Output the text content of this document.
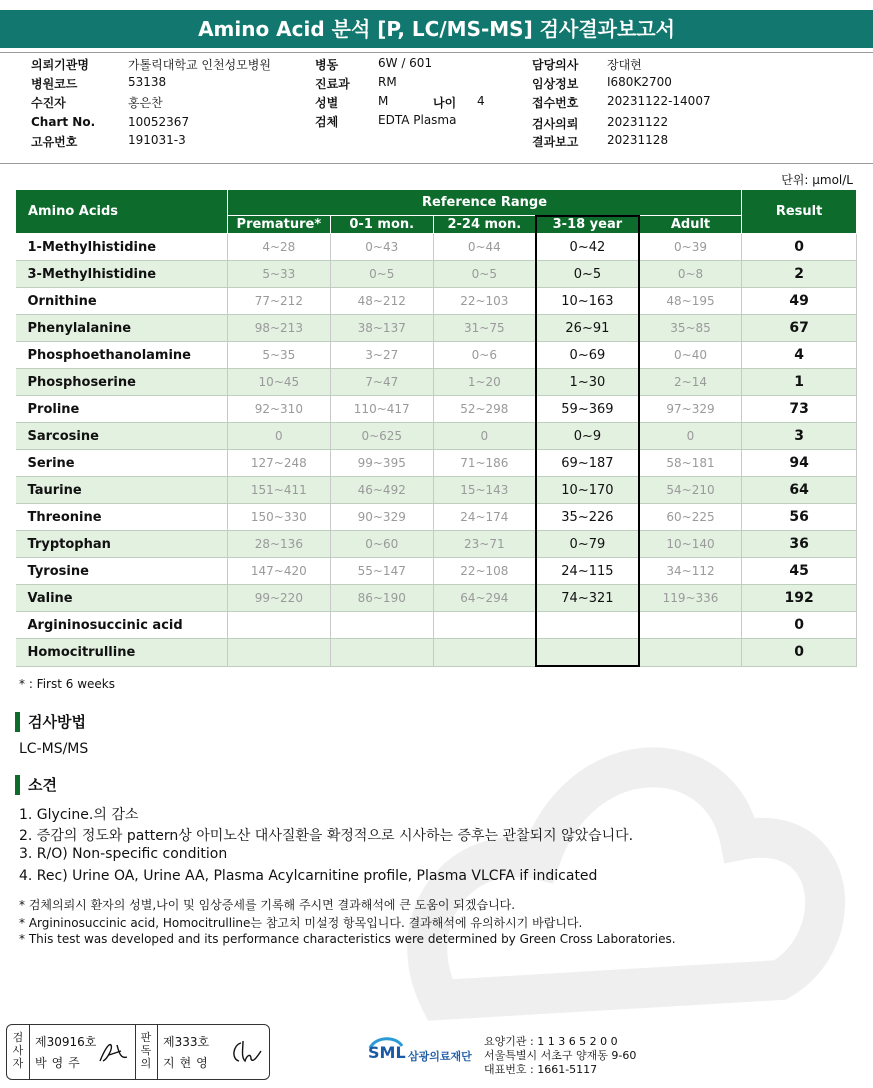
Amino Acid 분석 [P, LC/MS-MS] 검사결과보고서
의뢰기관명	가톨릭대학교 인천성모병원
병원코드	53138
수진자	홍은찬
Chart No.	10052367
고유번호	191031-3
병동	6W / 601
진료과 RM
성별	M	나이 4
검체	EDTA Plasma
담당의사 장대현
임상정보 I680K2700
접수번호 20231122-14007
검사의뢰 20231122
결과보고 20231128
단위: μmol/L
Amino Acids	Reference Range					Result
	Premature*	0-1 mon.	2-24 mon.	3-18 year	Adult	
1-Methylhistidine	4~28	0~43	0~44	0~42	0~39	0
3-Methylhistidine	5~33	0~5	0~5	0~5	0~8	2
Ornithine	77~212	48~212	22~103	10~163	48~195	49
Phenylalanine	98~213	38~137	31~75	26~91	35~85	67
Phosphoethanolamine	5~35	3~27	0~6	0~69	0~40	4
Phosphoserine	10~45	7~47	1~20	1~30	2~14	1
Proline	92~310	110~417	52~298	59~369	97~329	73
Sarcosine	0	0~625	0	0~9	0	3
Serine	127~248	99~395	71~186	69~187	58~181	94
Taurine	151~411	46~492	15~143	10~170	54~210	64
Threonine	150~330	90~329	24~174	35~226	60~225	56
Tryptophan	28~136	0~60	23~71	0~79	10~140	36
Tyrosine	147~420	55~147	22~108	24~115	34~112	45
Valine	99~220	86~190	64~294	74~321	119~336	192
Argininosuccinic acid						0
Homocitrulline						0
* : First 6 weeks
검사방법
LC-MS/MS
소견
1. Glycine.의 감소
2. 증감의 정도와 pattern상 아미노산 대사질환을 확정적으로 시사하는 증후는 관찰되지 않았습니다.
3. R/O) Non-specific condition
4. Rec) Urine OA, Urine AA, Plasma Acylcarnitine profile, Plasma VLCFA if indicated
* 검체의뢰시 환자의 성별,나이 및 임상증세를 기록해 주시면 결과해석에 큰 도움이 되겠습니다.
* Argininosuccinic acid, Homocitrulline는 참고치 미설정 항목입니다. 결과해석에 유의하시기 바랍니다.
* This test was developed and its performance characteristics were determined by Green Cross Laboratories.
검사자
제30916호
박영주
판독의
제333호
지현영
SML 삼광의료재단
요양기관 : 1 1 3 6 5 2 0 0
서울특별시 서초구 양재동 9-60
대표번호 : 1661-5117
